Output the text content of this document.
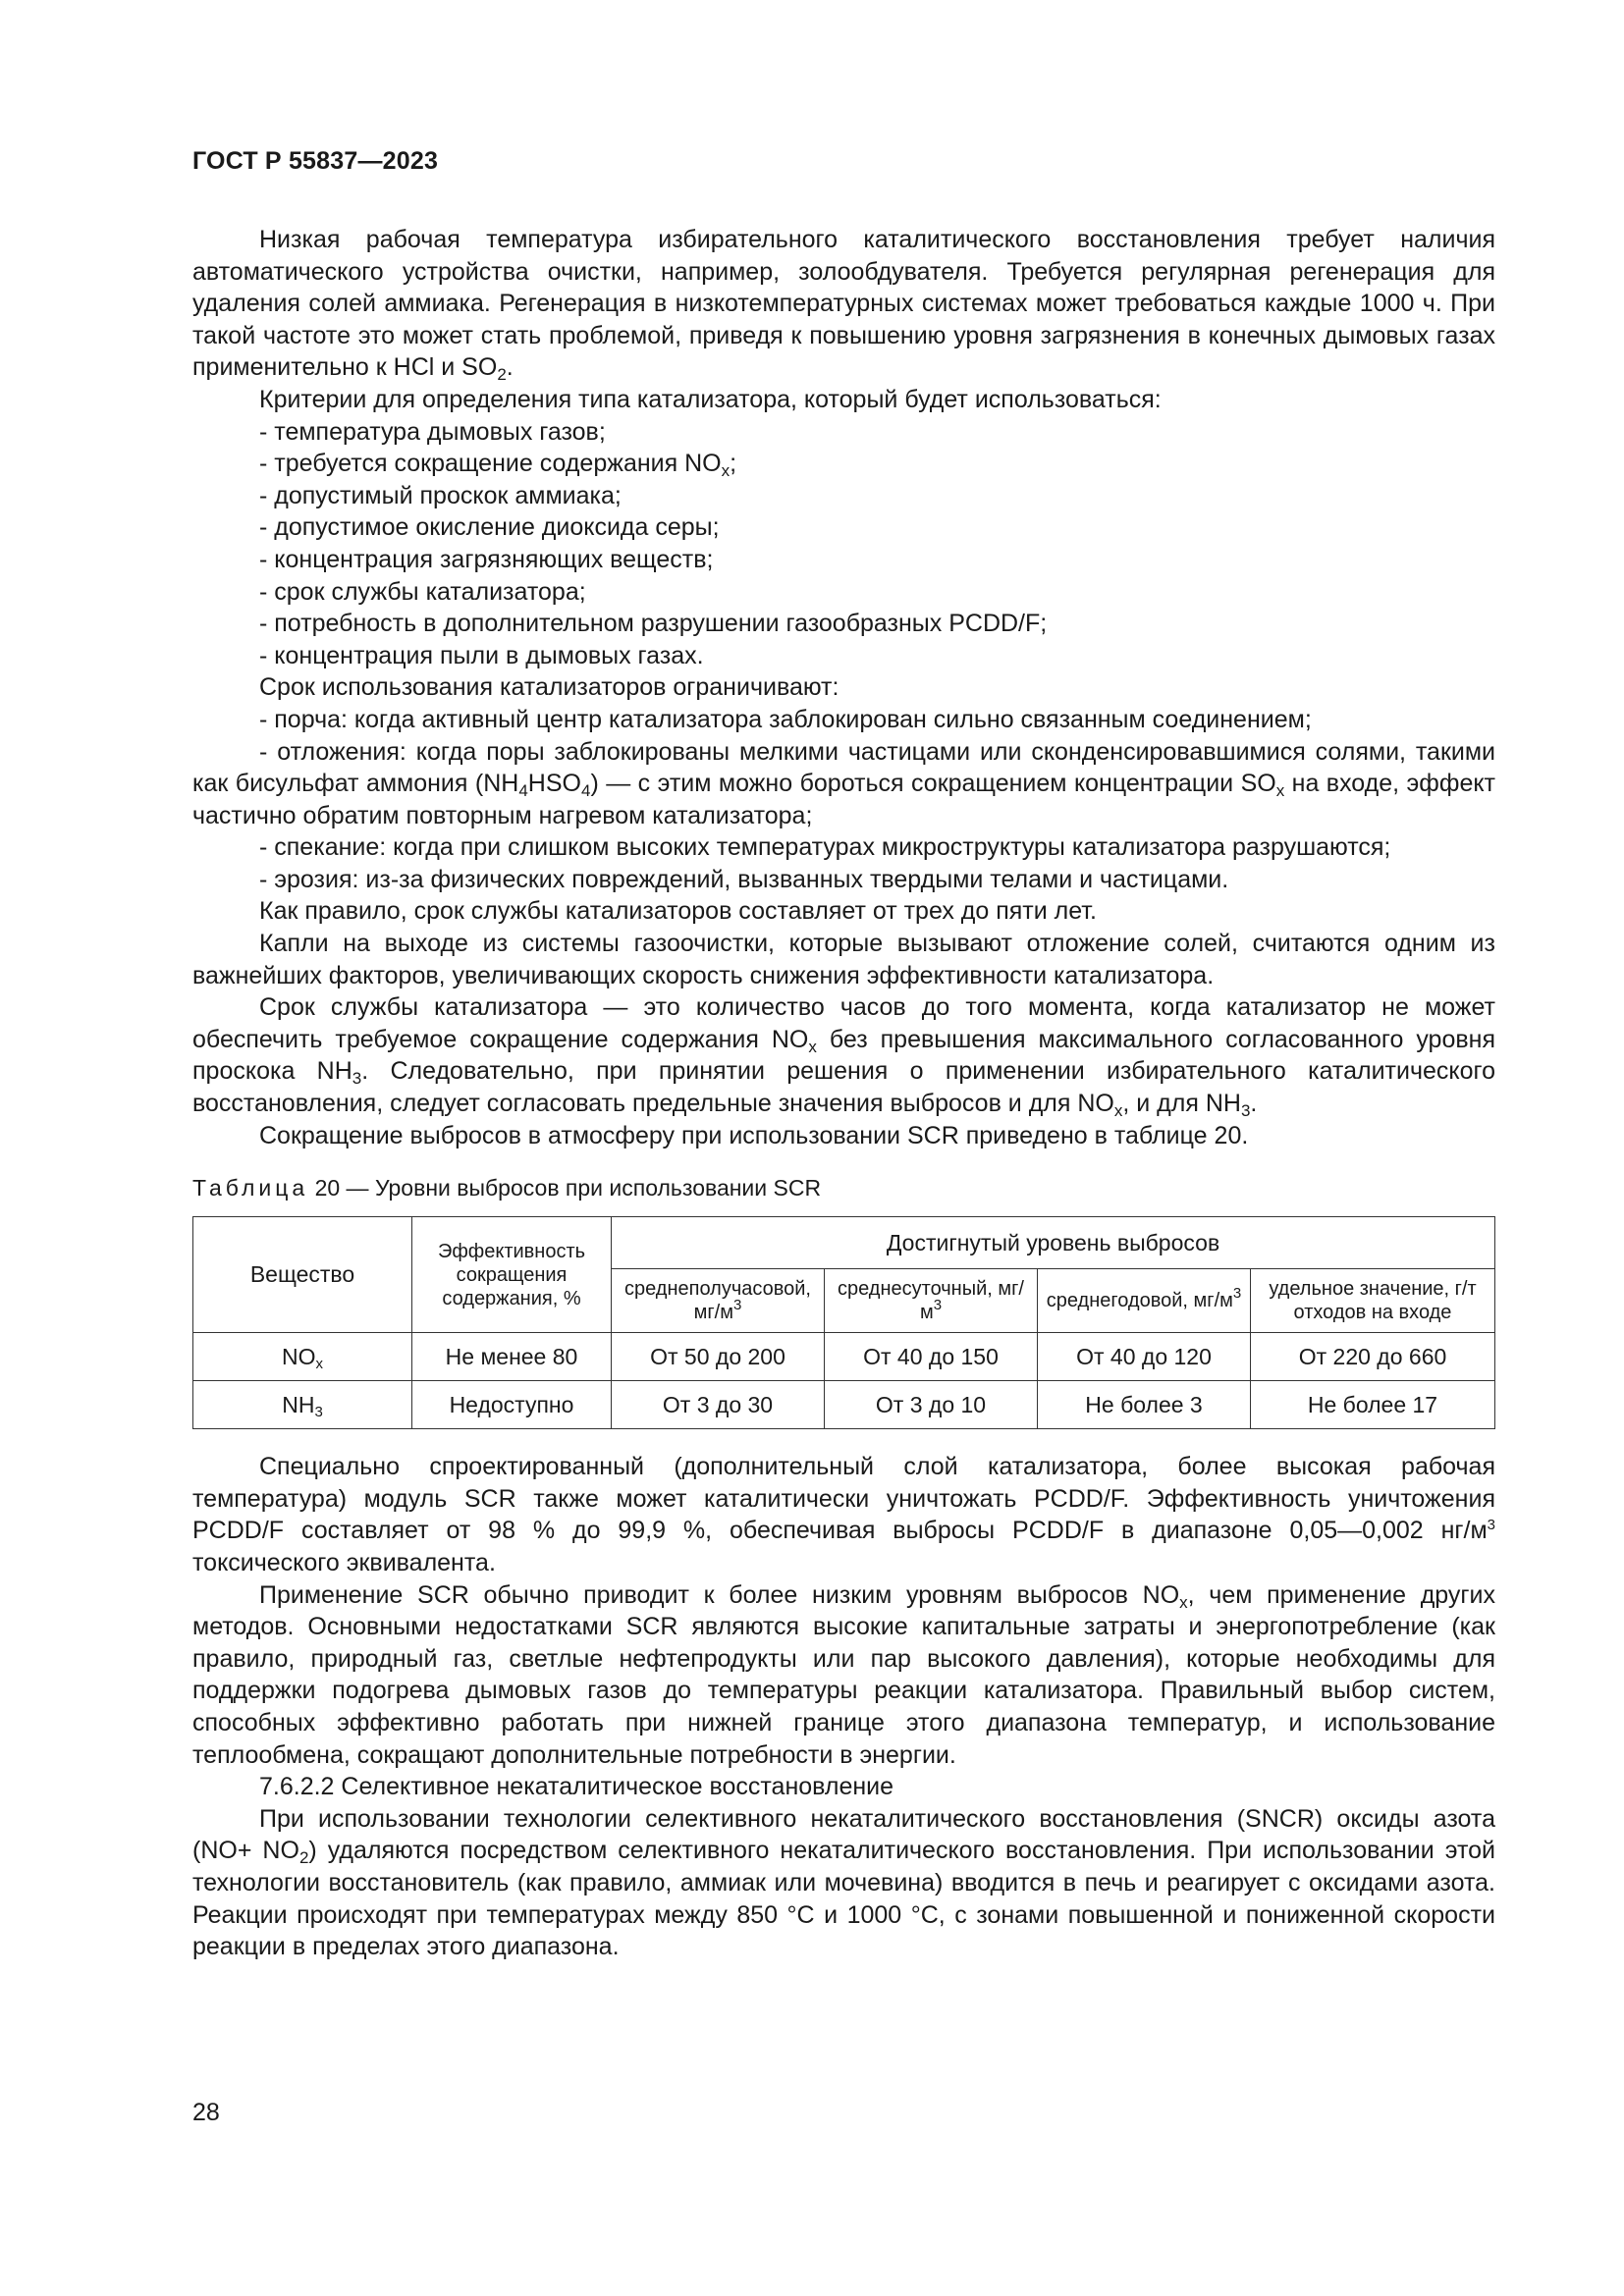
ГОСТ Р 55837—2023

Низкая рабочая температура избирательного каталитического восстановления требует наличия автоматического устройства очистки, например, золообдувателя. Требуется регулярная регенерация для удаления солей аммиака. Регенерация в низкотемпературных системах может требоваться каждые 1000 ч. При такой частоте это может стать проблемой, приведя к повышению уровня загрязнения в конечных дымовых газах применительно к HCl и $SO_2$.

Критерии для определения типа катализатора, который будет использоваться:

- температура дымовых газов;

- требуется сокращение содержания $NO_x$;

- допустимый проскок аммиака;

- допустимое окисление диоксида серы;

- концентрация загрязняющих веществ;

- срок службы катализатора;

- потребность в дополнительном разрушении газообразных PCDD/F;

- концентрация пыли в дымовых газах.

Срок использования катализаторов ограничивают:

- порча: когда активный центр катализатора заблокирован сильно связанным соединением;

- отложения: когда поры заблокированы мелкими частицами или сконденсировавшимися солями, такими как бисульфат аммония $(NH_4HSO_4)$ — с этим можно бороться сокращением концентрации $SO_x$ на входе, эффект частично обратим повторным нагревом катализатора;

- спекание: когда при слишком высоких температурах микроструктуры катализатора разрушаются;

- эрозия: из-за физических повреждений, вызванных твердыми телами и частицами.

Как правило, срок службы катализаторов составляет от трех до пяти лет.

Капли на выходе из системы газоочистки, которые вызывают отложение солей, считаются одним из важнейших факторов, увеличивающих скорость снижения эффективности катализатора.

Срок службы катализатора — это количество часов до того момента, когда катализатор не может обеспечить требуемое сокращение содержания $NO_x$ без превышения максимального согласованного уровня проскока $NH_3$. Следовательно, при принятии решения о применении избирательного каталитического восстановления, следует согласовать предельные значения выбросов и для $NO_x$, и для $NH_3$.

Сокращение выбросов в атмосферу при использовании SCR приведено в таблице 20.

Таблица 20 — Уровни выбросов при использовании SCR
Вещество	Эффективность сокращения содержания, %	Достигнутый уровень выбросов			
		среднеполучасовой, $мг/м^3$	среднесуточный, $мг/м^3$	среднегодовой, $мг/м^3$	удельное значение, г/т отходов на входе
$NO_x$	Не менее 80	От 50 до 200	От 40 до 150	От 40 до 120	От 220 до 660
$NH_3$	Недоступно	От 3 до 30	От 3 до 10	Не более 3	Не более 17

Специально спроектированный (дополнительный слой катализатора, более высокая рабочая температура) модуль SCR также может каталитически уничтожать PCDD/F. Эффективность уничтожения PCDD/F составляет от 98 % до 99,9 %, обеспечивая выбросы PCDD/F в диапазоне 0,05—0,002 $нг/м^3$ токсического эквивалента.

Применение SCR обычно приводит к более низким уровням выбросов $NO_x$, чем применение других методов. Основными недостатками SCR являются высокие капитальные затраты и энергопотребление (как правило, природный газ, светлые нефтепродукты или пар высокого давления), которые необходимы для поддержки подогрева дымовых газов до температуры реакции катализатора. Правильный выбор систем, способных эффективно работать при нижней границе этого диапазона температур, и использование теплообмена, сокращают дополнительные потребности в энергии.

7.6.2.2 Селективное некаталитическое восстановление

При использовании технологии селективного некаталитического восстановления (SNCR) оксиды азота $(NO+ NO_2)$ удаляются посредством селективного некаталитического восстановления. При использовании этой технологии восстановитель (как правило, аммиак или мочевина) вводится в печь и реагирует с оксидами азота. Реакции происходят при температурах между 850 °С и 1000 °С, с зонами повышенной и пониженной скорости реакции в пределах этого диапазона.

28
